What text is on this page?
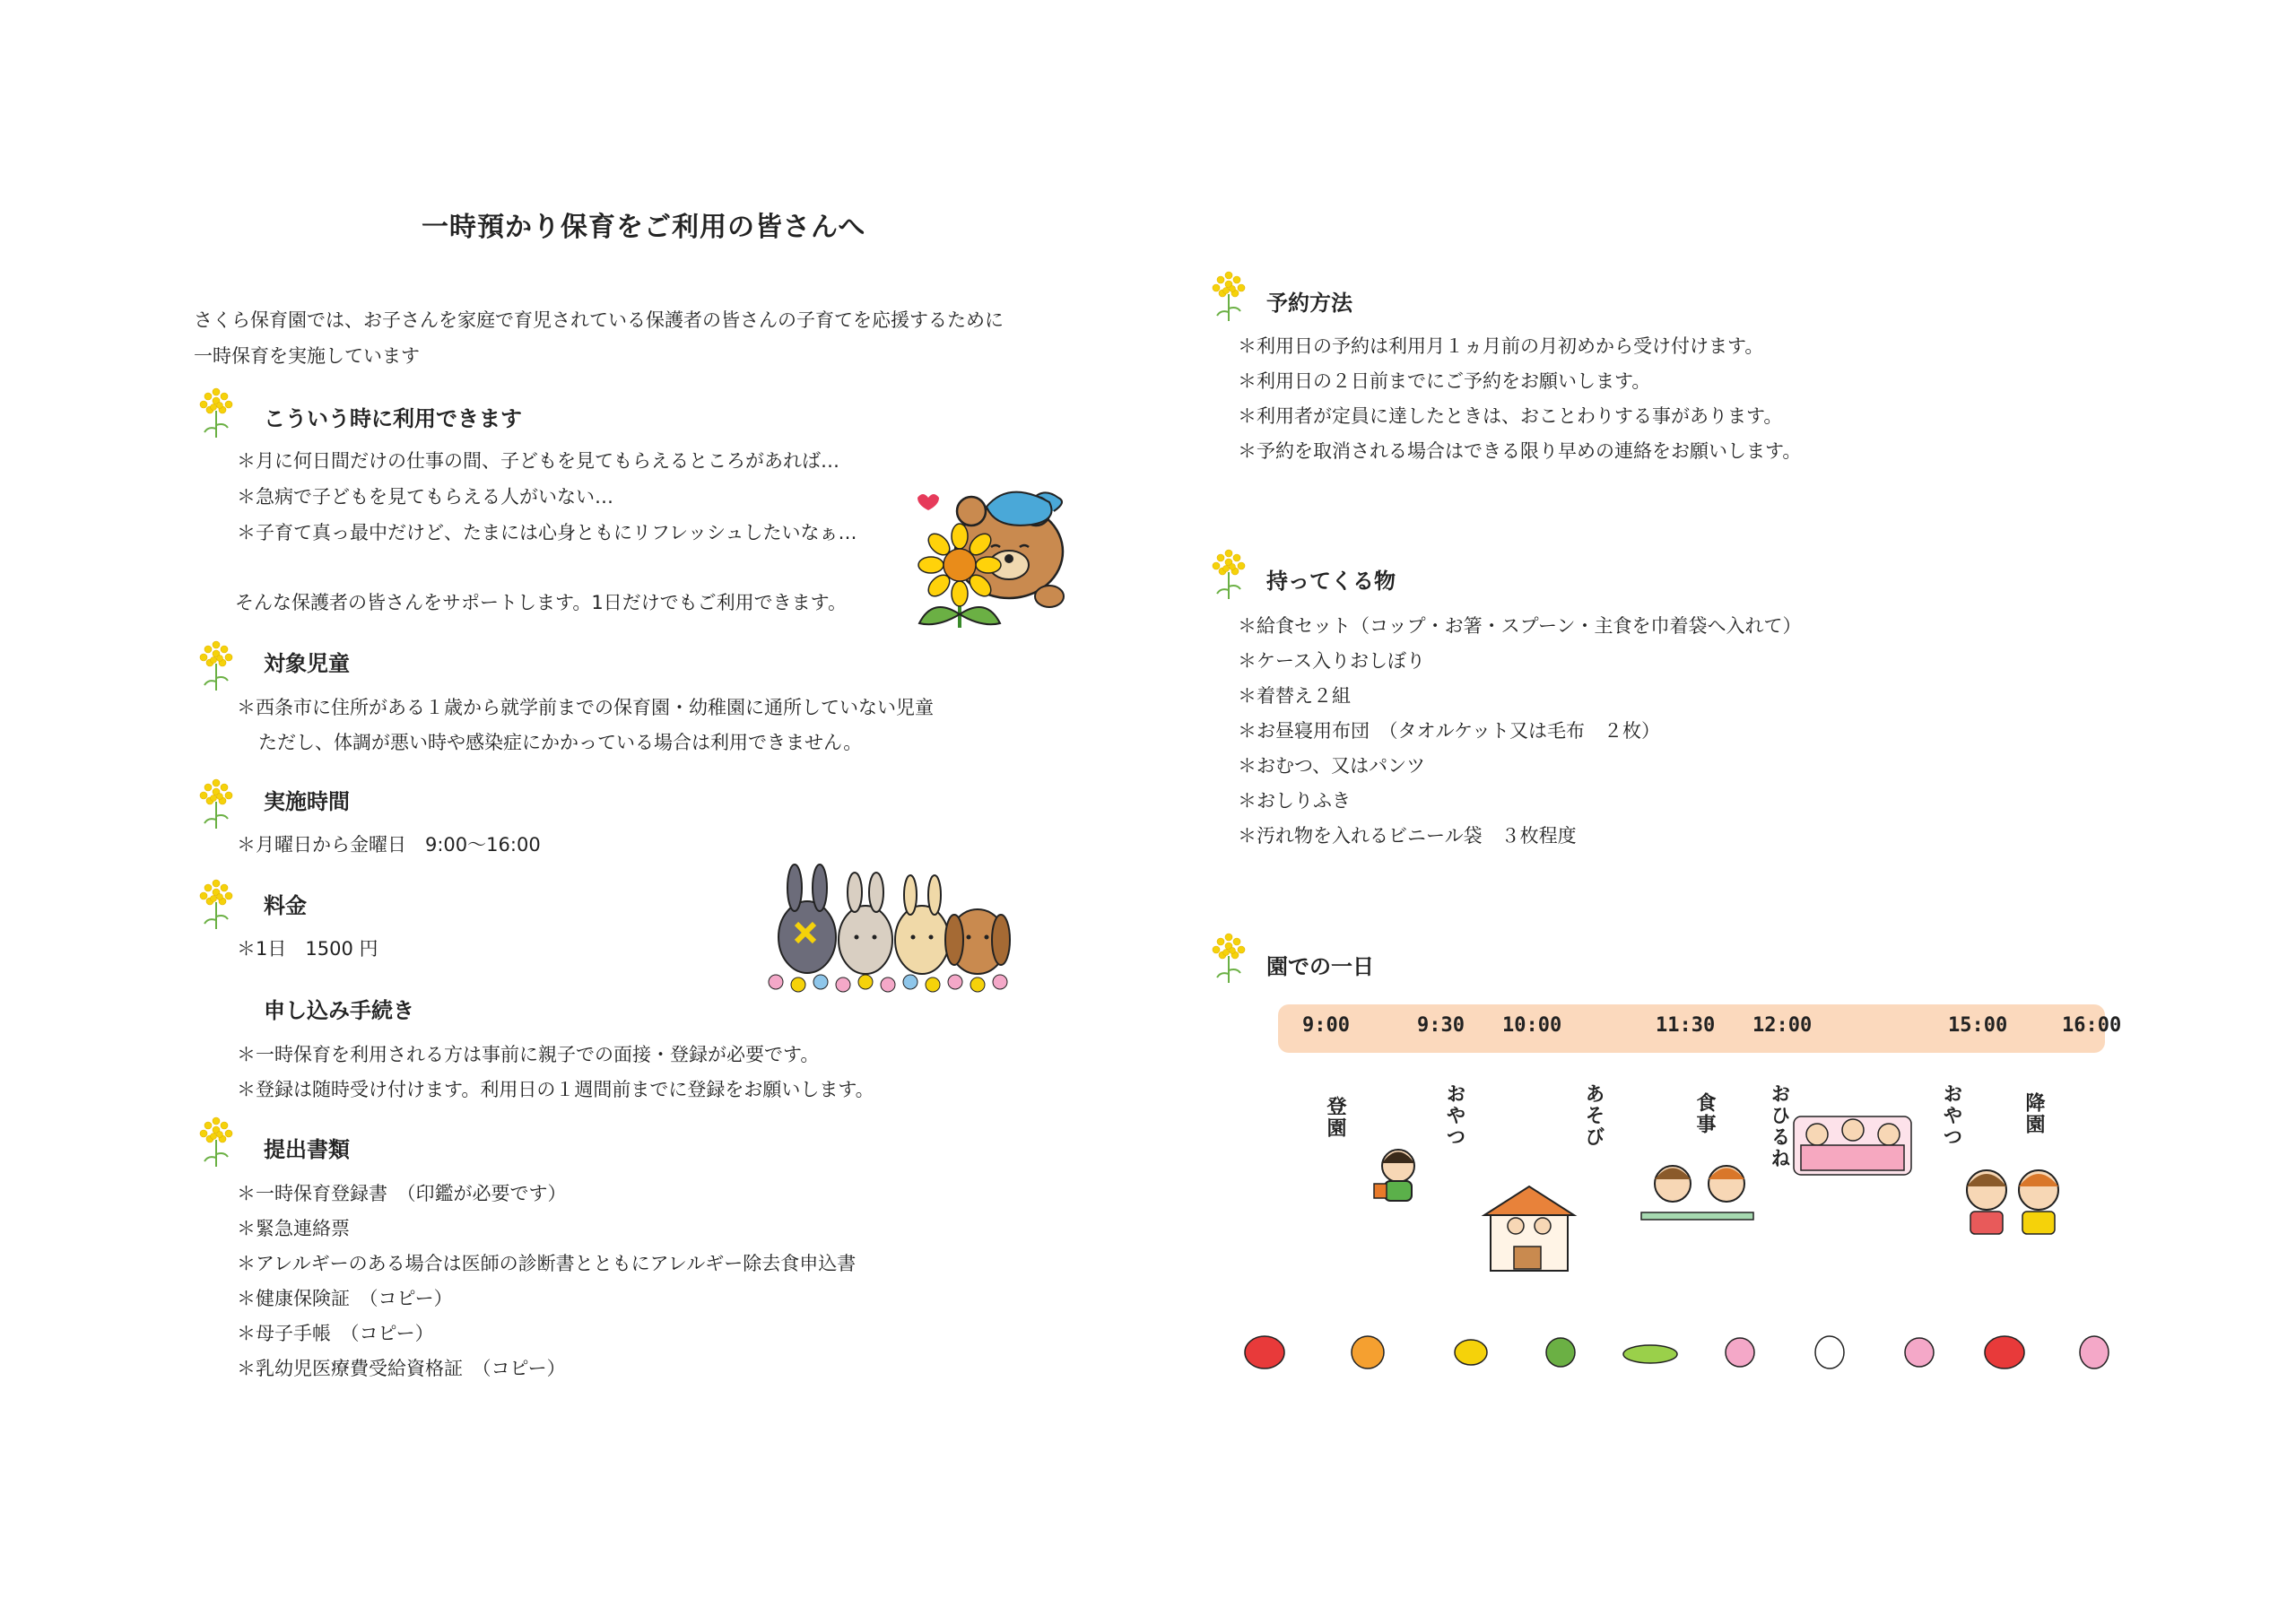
一時預かり保育をご利用の皆さんへ
さくら保育園では、お子さんを家庭で育児されている保護者の皆さんの子育てを応援するために
一時保育を実施しています
こういう時に利用できます
＊月に何日間だけの仕事の間、子どもを見てもらえるところがあれば…
＊急病で子どもを見てもらえる人がいない…
＊子育て真っ最中だけど、たまには心身ともにリフレッシュしたいなぁ…
そんな保護者の皆さんをサポートします。1日だけでもご利用できます。
対象児童
＊西条市に住所がある１歳から就学前までの保育園・幼稚園に通所していない児童
ただし、体調が悪い時や感染症にかかっている場合は利用できません。
実施時間
＊月曜日から金曜日　9:00〜16:00
料金
＊1日　1500 円
申し込み手続き
＊一時保育を利用される方は事前に親子での面接・登録が必要です。
＊登録は随時受け付けます。利用日の１週間前までに登録をお願いします。
提出書類
＊一時保育登録書　（印鑑が必要です）
＊緊急連絡票
＊アレルギーのある場合は医師の診断書とともにアレルギー除去食申込書
＊健康保険証　（コピー）
＊母子手帳　（コピー）
＊乳幼児医療費受給資格証　（コピー）
予約方法
＊利用日の予約は利用月１ヵ月前の月初めから受け付けます。
＊利用日の２日前までにご予約をお願いします。
＊利用者が定員に達したときは、おことわりする事があります。
＊予約を取消される場合はできる限り早めの連絡をお願いします。
持ってくる物
＊給食セット（コップ・お箸・スプーン・主食を巾着袋へ入れて）
＊ケース入りおしぼり
＊着替え２組
＊お昼寝用布団　（タオルケット又は毛布　２枚）
＊おむつ、又はパンツ
＊おしりふき
＊汚れ物を入れるビニール袋　３枚程度
園での一日
9:00	9:30 10:00	11:30 12:00	15:00	16:00
登園	おやつ	あそび	食事	おひるね	おやつ	降園
